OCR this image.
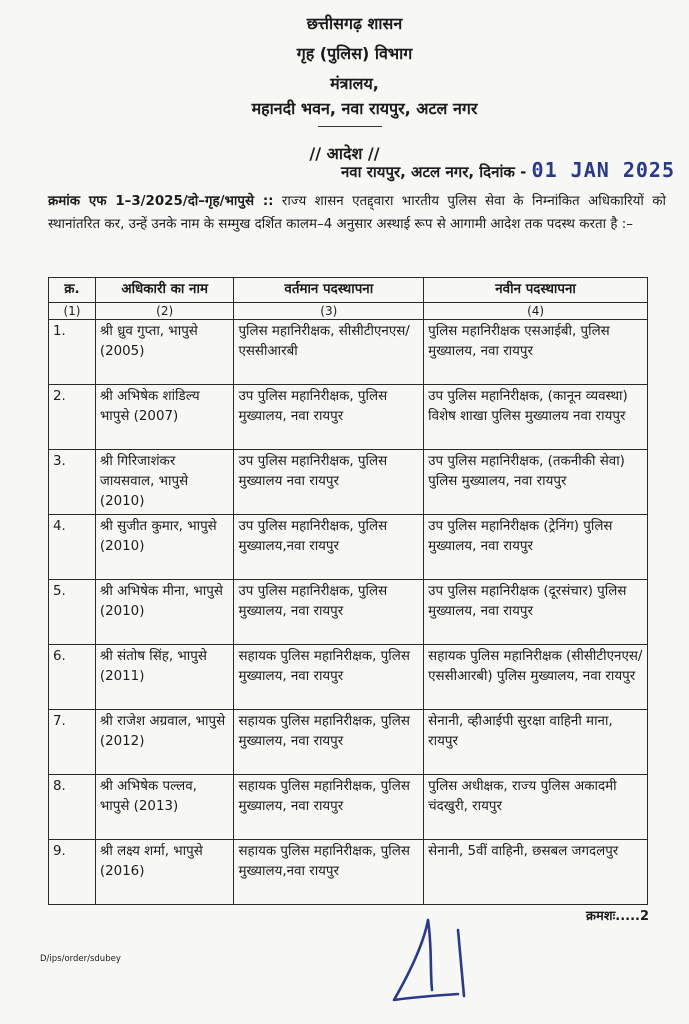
छत्तीसगढ़ शासन
गृह (पुलिस) विभाग
मंत्रालय,
महानदी भवन, नवा रायपुर, अटल नगर
// आदेश //
नवा रायपुर, अटल नगर, दिनांक - 01 JAN 2025
क्रमांक एफ 1–3/2025/दो–गृह/भापुसे :: राज्य शासन एतद्द्वारा भारतीय पुलिस सेवा के निम्नांकित अधिकारियों को स्थानांतरित कर, उन्हें उनके नाम के सम्मुख दर्शित कालम–4 अनुसार अस्थाई रूप से आगामी आदेश तक पदस्थ करता है :–
क्र.	अधिकारी का नाम	वर्तमान पदस्थापना	नवीन पदस्थापना
(1)	(2)	(3)	(4)
1.	श्री ध्रुव गुप्ता, भापुसे (2005)	पुलिस महानिरीक्षक, सीसीटीएनएस/एससीआरबी	पुलिस महानिरीक्षक एसआईबी, पुलिस मुख्यालय, नवा रायपुर
2.	श्री अभिषेक शांडिल्य भापुसे (2007)	उप पुलिस महानिरीक्षक, पुलिस मुख्यालय, नवा रायपुर	उप पुलिस महानिरीक्षक, (कानून व्यवस्था) विशेष शाखा पुलिस मुख्यालय नवा रायपुर
3.	श्री गिरिजाशंकर जायसवाल, भापुसे (2010)	उप पुलिस महानिरीक्षक, पुलिस मुख्यालय नवा रायपुर	उप पुलिस महानिरीक्षक, (तकनीकी सेवा) पुलिस मुख्यालय, नवा रायपुर
4.	श्री सुजीत कुमार, भापुसे (2010)	उप पुलिस महानिरीक्षक, पुलिस मुख्यालय,नवा रायपुर	उप पुलिस महानिरीक्षक (ट्रेनिंग) पुलिस मुख्यालय, नवा रायपुर
5.	श्री अभिषेक मीना, भापुसे (2010)	उप पुलिस महानिरीक्षक, पुलिस मुख्यालय, नवा रायपुर	उप पुलिस महानिरीक्षक (दूरसंचार) पुलिस मुख्यालय, नवा रायपुर
6.	श्री संतोष सिंह, भापुसे (2011)	सहायक पुलिस महानिरीक्षक, पुलिस मुख्यालय, नवा रायपुर	सहायक पुलिस महानिरीक्षक (सीसीटीएनएस/एससीआरबी) पुलिस मुख्यालय, नवा रायपुर
7.	श्री राजेश अग्रवाल, भापुसे (2012)	सहायक पुलिस महानिरीक्षक, पुलिस मुख्यालय, नवा रायपुर	सेनानी, व्हीआईपी सुरक्षा वाहिनी माना, रायपुर
8.	श्री अभिषेक पल्लव, भापुसे (2013)	सहायक पुलिस महानिरीक्षक, पुलिस मुख्यालय, नवा रायपुर	पुलिस अधीक्षक, राज्य पुलिस अकादमी चंदखुरी, रायपुर
9.	श्री लक्ष्य शर्मा, भापुसे (2016)	सहायक पुलिस महानिरीक्षक, पुलिस मुख्यालय,नवा रायपुर	सेनानी, 5वीं वाहिनी, छसबल जगदलपुर
क्रमशः.....2
D/ips/order/sdubey
